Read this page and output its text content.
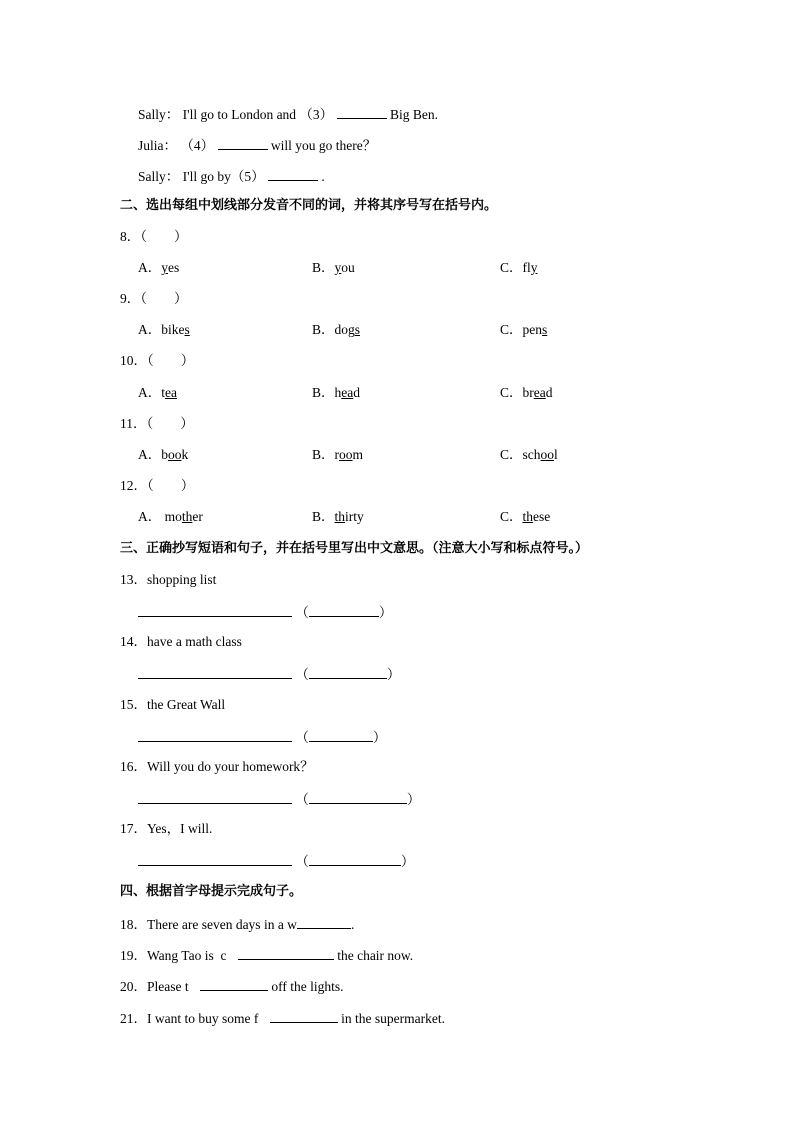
Sally： I'll go to London and （3）	Big Ben.
Julia： （4）	will you go there？
Sally： I'll go by（5）	.
二、选出每组中划线部分发音不同的词，并将其序号写在括号内。
8．（　　）
A．yes	B．you	C．fly
9．（　　）
A．bikes	B．dogs	C．pens
10．（　　）
A．tea	B．head	C．bread
11．（　　）
A．book	B．room	C．school
12．（　　）
A． mother	B．thirty	C．these
三、正确抄写短语和句子，并在括号里写出中文意思。（注意大小写和标点符号。）
13．shopping list
（	）
14．have a math class
（	）
15．the Great Wall
（	）
16．Will you do your homework？
（	）
17．Yes，I will.
（	）
四、根据首字母提示完成句子。
18．There are seven days in a w	.
19．Wang Tao is  c	the chair now.
20．Please t	off the lights.
21．I want to buy some f	in the supermarket.
